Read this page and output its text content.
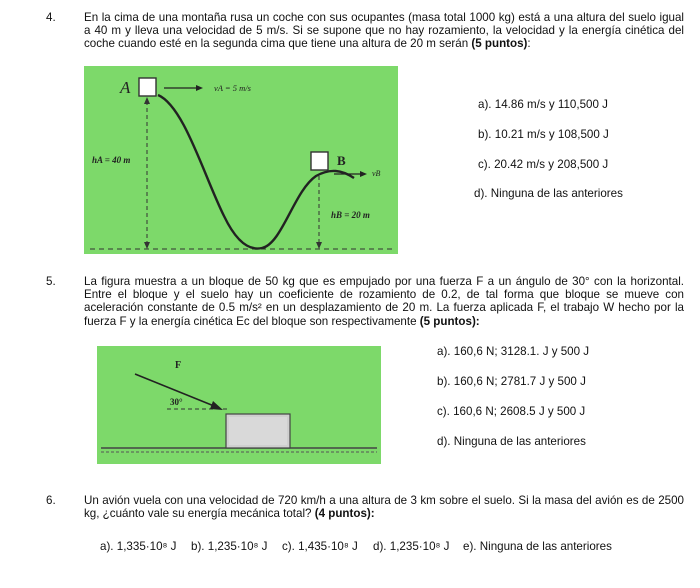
4. En la cima de una montaña rusa un coche con sus ocupantes (masa total 1000 kg) está a una altura del suelo igual a 40 m y lleva una velocidad de 5 m/s. Si se supone que no hay rozamiento, la velocidad y la energía cinética del coche cuando esté en la segunda cima que tiene una altura de 20 m serán (5 puntos):
A
B
vA = 5 m/s
vB
hA = 40 m
hB = 20 m
a). 14.86 m/s y 110,500 J
b). 10.21 m/s y 108,500 J
c). 20.42 m/s y 208,500 J
d). Ninguna de las anteriores
5. La figura muestra a un bloque de 50 kg que es empujado por una fuerza F a un ángulo de 30° con la horizontal. Entre el bloque y el suelo hay un coeficiente de rozamiento de 0.2, de tal forma que bloque se mueve con aceleración constante de 0.5 m/s² en un desplazamiento de 20 m. La fuerza aplicada F, el trabajo W hecho por la fuerza F y la energía cinética Ec del bloque son respectivamente (5 puntos):
F
30°
a). 160,6 N; 3128.1. J y 500 J
b). 160,6 N; 2781.7 J y 500 J
c). 160,6 N; 2608.5 J y 500 J
d). Ninguna de las anteriores
6. Un avión vuela con una velocidad de 720 km/h a una altura de 3 km sobre el suelo. Si la masa del avión es de 2500 kg, ¿cuánto vale su energía mecánica total? (4 puntos):
a). 1,335·10⁸ J b). 1,235·10⁸ J c). 1,435·10⁸ J d). 1,235·10⁸ J e). Ninguna de las anteriores
